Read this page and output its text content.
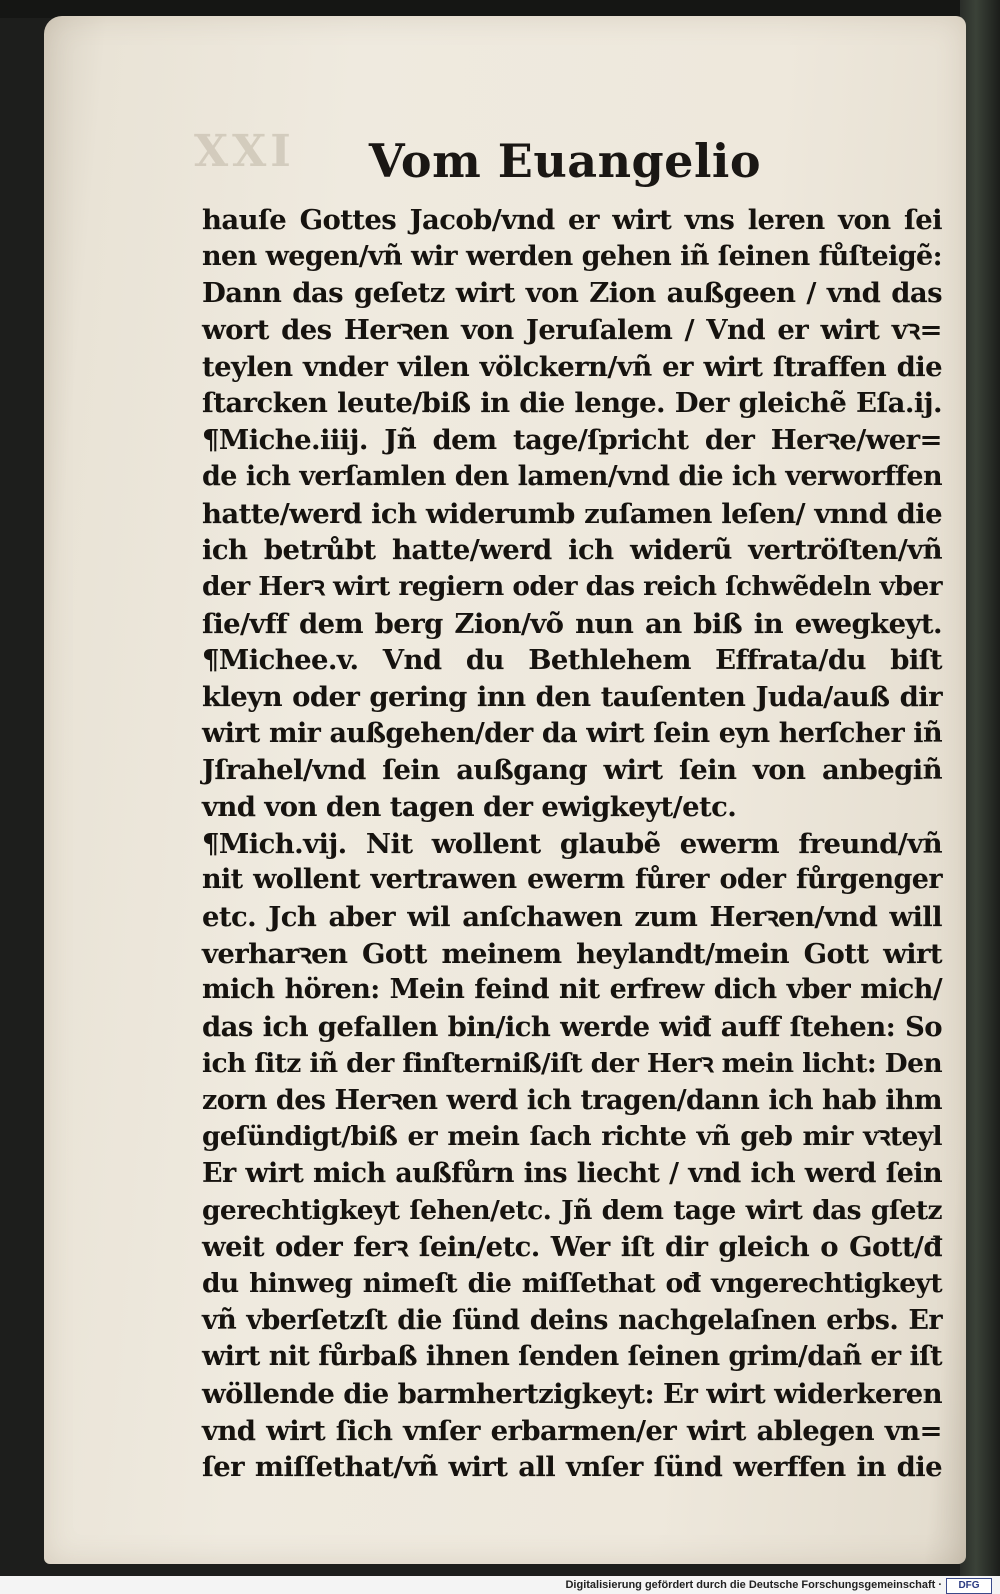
XXI	Vom Euangelio
hauſe Gottes Jacob/vnd er wirt vns leren von ſei
nen wegen/vñ wir werden gehen iñ ſeinen fůſteigẽ:
Dann das geſetz wirt von Zion außgeen / vnd das
wort des Herꝛen von Jeruſalem / Vnd er wirt vꝛ=
teylen vnder vilen völckern/vñ er wirt ſtraffen die
ſtarcken leute/biß in die lenge. Der gleichẽ Eſa.ij.
¶Miche.iiij. Jñ dem tage/ſpricht der Herꝛe/wer=
de ich verſamlen den lamen/vnd die ich verworffen
hatte/werd ich widerumb zuſamen leſen/ vnnd die
ich betrůbt hatte/werd ich widerũ vertröſten/vñ
der Herꝛ wirt regiern oder das reich ſchwẽdeln vber
ſie/vff dem berg Zion/võ nun an biß in ewegkeyt.
¶Michee.v. Vnd du Bethlehem Effrata/du biſt
kleyn oder gering inn den tauſenten Juda/auß dir
wirt mir außgehen/der da wirt ſein eyn herſcher iñ
Jſrahel/vnd ſein außgang wirt ſein von anbegiñ
vnd von den tagen der ewigkeyt/etc.
¶Mich.vij. Nit wollent glaubẽ ewerm freund/vñ
nit wollent vertrawen ewerm fůrer oder fůrgenger
etc. Jch aber wil anſchawen zum Herꝛen/vnd will
verharꝛen Gott meinem heylandt/mein Gott wirt
mich hören: Mein feind nit erfrew dich vber mich/
das ich gefallen bin/ich werde wiđ auff ſtehen: So
ich ſitz iñ der finſterniß/iſt der Herꝛ mein licht: Den
zorn des Herꝛen werd ich tragen/dann ich hab ihm
geſündigt/biß er mein ſach richte vñ geb mir vꝛteyl
Er wirt mich außfůrn ins liecht / vnd ich werd ſein
gerechtigkeyt ſehen/etc. Jñ dem tage wirt das gſetz
weit oder ferꝛ ſein/etc. Wer iſt dir gleich o Gott/đ
du hinweg nimeſt die miſſethat ođ vngerechtigkeyt
vñ vberſetzſt die ſünd deins nachgelaſnen erbs. Er
wirt nit fůrbaß ihnen ſenden ſeinen grim/dañ er iſt
wöllende die barmhertzigkeyt: Er wirt widerkeren
vnd wirt ſich vnſer erbarmen/er wirt ablegen vn=
ſer miſſethat/vñ wirt all vnſer ſünd werffen in die
Digitalisierung gefördert durch die Deutsche Forschungsgemeinschaft ·	DFG
